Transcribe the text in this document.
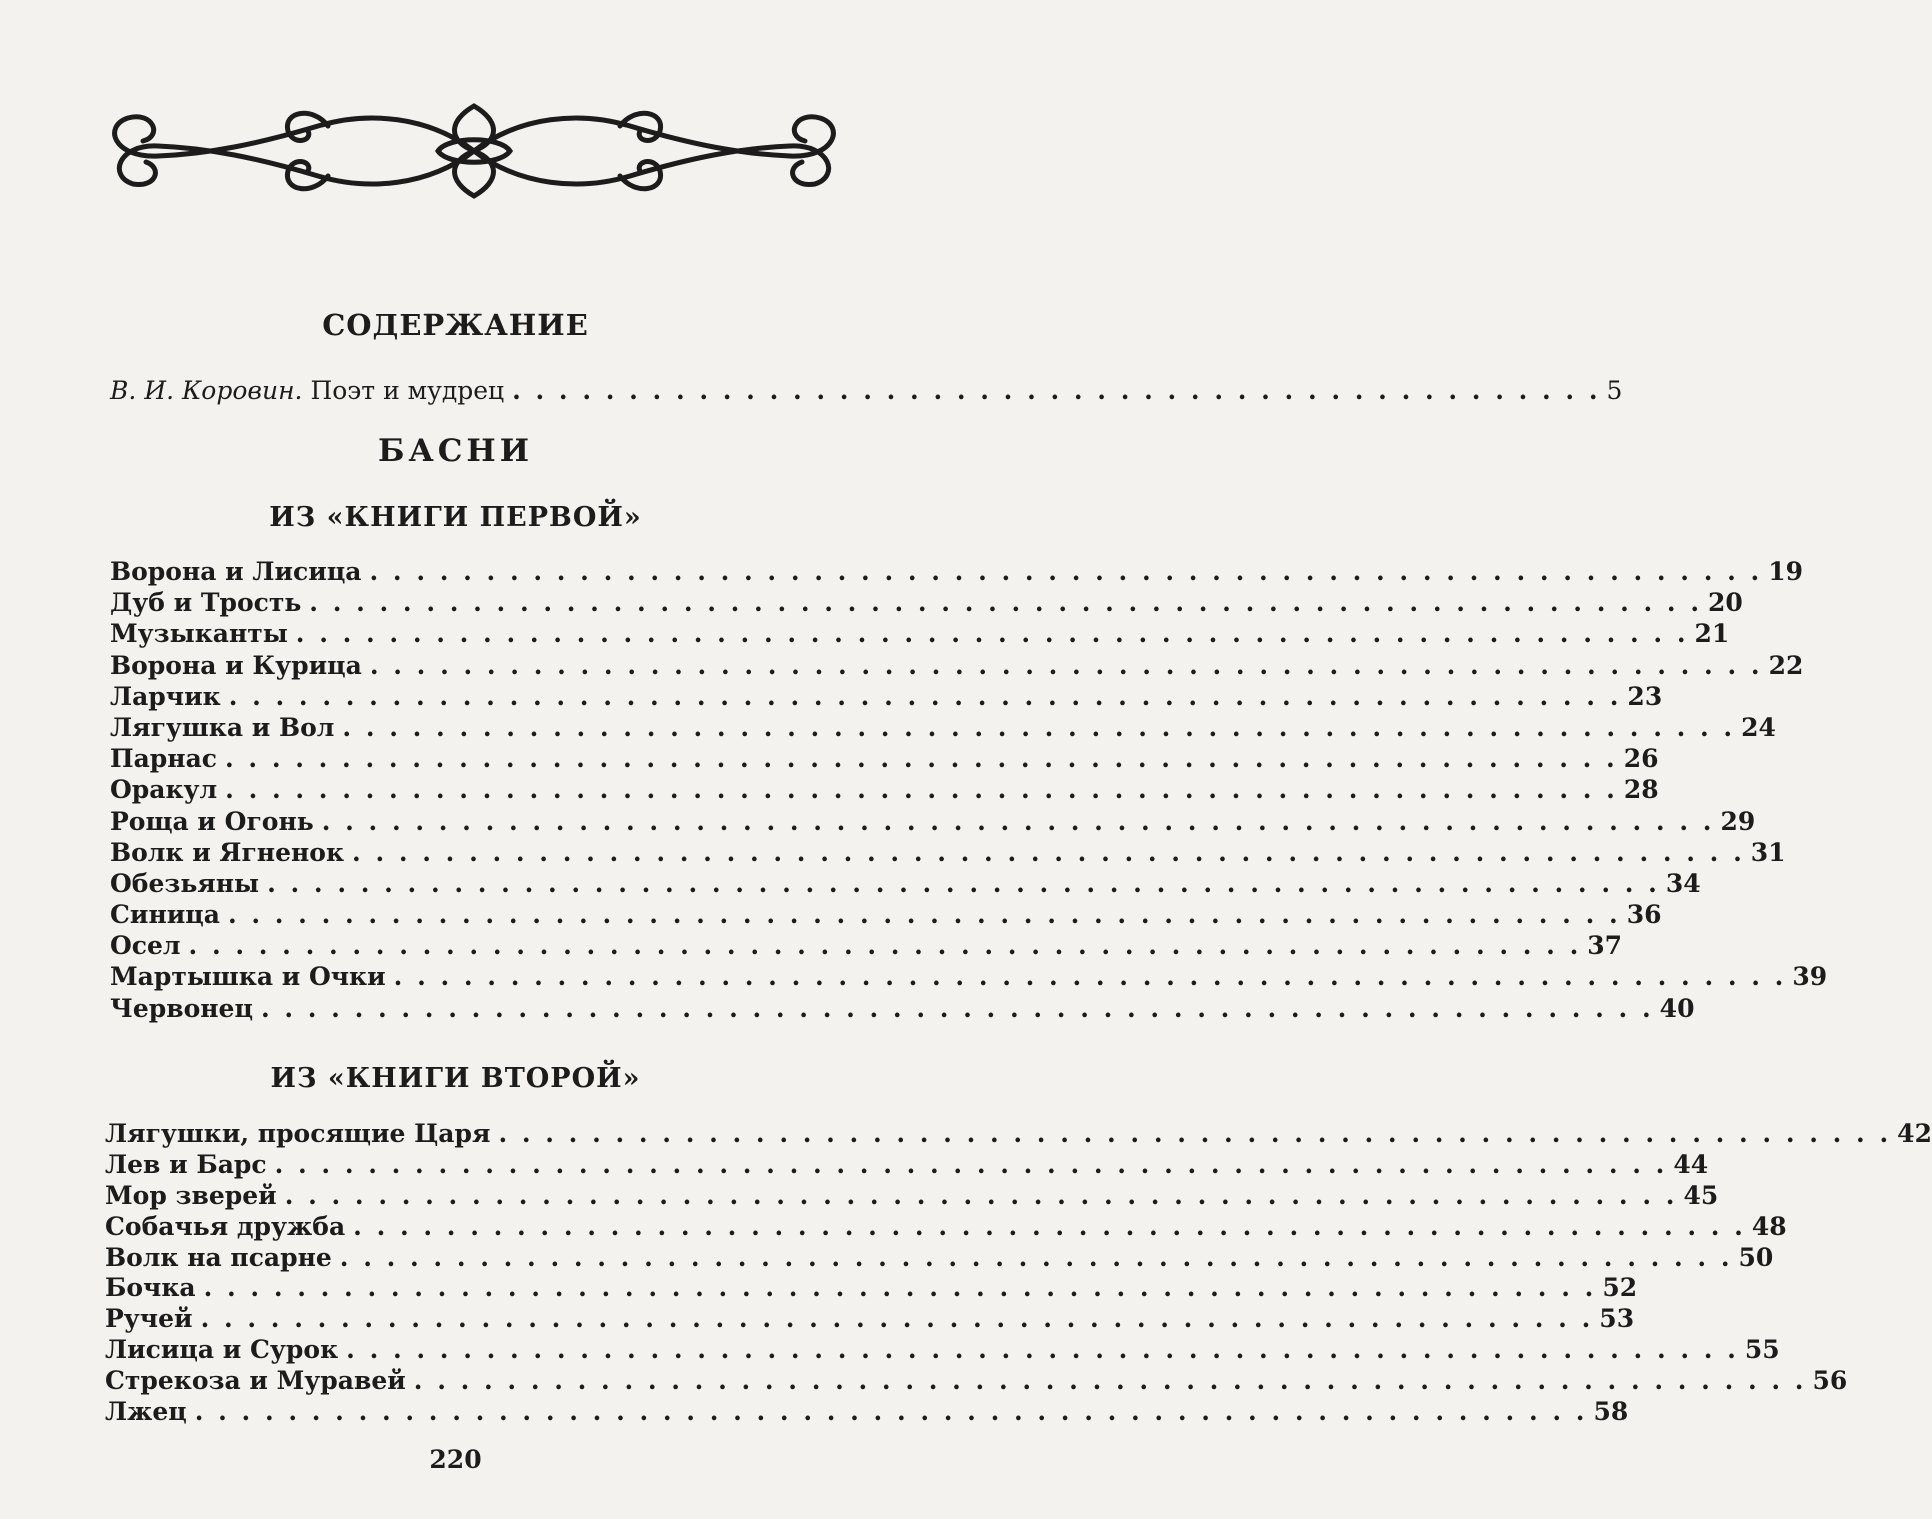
СОДЕРЖАНИЕ
В. И. Коровин. Поэт и мудрец . . . . . . . . . . . . . . . . . . . . . . . . . . . . . . . . . . . . . . . . . . . . . . . 5
БАСНИ
ИЗ «КНИГИ ПЕРВОЙ»
Ворона и Лисица . . . . . . . . . . . . . . . . . . . . . . . . . . . . . . . . . . . . . . . . . . . . . . . . . . . . . . . . . . . . 19
Дуб и Трость . . . . . . . . . . . . . . . . . . . . . . . . . . . . . . . . . . . . . . . . . . . . . . . . . . . . . . . . . . . . 20
Музыканты . . . . . . . . . . . . . . . . . . . . . . . . . . . . . . . . . . . . . . . . . . . . . . . . . . . . . . . . . . . . 21
Ворона и Курица . . . . . . . . . . . . . . . . . . . . . . . . . . . . . . . . . . . . . . . . . . . . . . . . . . . . . . . . . . . . 22
Ларчик . . . . . . . . . . . . . . . . . . . . . . . . . . . . . . . . . . . . . . . . . . . . . . . . . . . . . . . . . . . . 23
Лягушка и Вол . . . . . . . . . . . . . . . . . . . . . . . . . . . . . . . . . . . . . . . . . . . . . . . . . . . . . . . . . . . . 24
Парнас . . . . . . . . . . . . . . . . . . . . . . . . . . . . . . . . . . . . . . . . . . . . . . . . . . . . . . . . . . . . 26
Оракул . . . . . . . . . . . . . . . . . . . . . . . . . . . . . . . . . . . . . . . . . . . . . . . . . . . . . . . . . . . . 28
Роща и Огонь . . . . . . . . . . . . . . . . . . . . . . . . . . . . . . . . . . . . . . . . . . . . . . . . . . . . . . . . . . . . 29
Волк и Ягненок . . . . . . . . . . . . . . . . . . . . . . . . . . . . . . . . . . . . . . . . . . . . . . . . . . . . . . . . . . . . 31
Обезьяны . . . . . . . . . . . . . . . . . . . . . . . . . . . . . . . . . . . . . . . . . . . . . . . . . . . . . . . . . . . . 34
Синица . . . . . . . . . . . . . . . . . . . . . . . . . . . . . . . . . . . . . . . . . . . . . . . . . . . . . . . . . . . . 36
Осел . . . . . . . . . . . . . . . . . . . . . . . . . . . . . . . . . . . . . . . . . . . . . . . . . . . . . . . . . . . . 37
Мартышка и Очки . . . . . . . . . . . . . . . . . . . . . . . . . . . . . . . . . . . . . . . . . . . . . . . . . . . . . . . . . . . . 39
Червонец . . . . . . . . . . . . . . . . . . . . . . . . . . . . . . . . . . . . . . . . . . . . . . . . . . . . . . . . . . . . 40
ИЗ «КНИГИ ВТОРОЙ»
Лягушки, просящие Царя . . . . . . . . . . . . . . . . . . . . . . . . . . . . . . . . . . . . . . . . . . . . . . . . . . . . . . . . . . . . 42
Лев и Барс . . . . . . . . . . . . . . . . . . . . . . . . . . . . . . . . . . . . . . . . . . . . . . . . . . . . . . . . . . . . 44
Мор зверей . . . . . . . . . . . . . . . . . . . . . . . . . . . . . . . . . . . . . . . . . . . . . . . . . . . . . . . . . . . . 45
Собачья дружба . . . . . . . . . . . . . . . . . . . . . . . . . . . . . . . . . . . . . . . . . . . . . . . . . . . . . . . . . . . . 48
Волк на псарне . . . . . . . . . . . . . . . . . . . . . . . . . . . . . . . . . . . . . . . . . . . . . . . . . . . . . . . . . . . . 50
Бочка . . . . . . . . . . . . . . . . . . . . . . . . . . . . . . . . . . . . . . . . . . . . . . . . . . . . . . . . . . . . 52
Ручей . . . . . . . . . . . . . . . . . . . . . . . . . . . . . . . . . . . . . . . . . . . . . . . . . . . . . . . . . . . . 53
Лисица и Сурок . . . . . . . . . . . . . . . . . . . . . . . . . . . . . . . . . . . . . . . . . . . . . . . . . . . . . . . . . . . . 55
Стрекоза и Муравей . . . . . . . . . . . . . . . . . . . . . . . . . . . . . . . . . . . . . . . . . . . . . . . . . . . . . . . . . . . . 56
Лжец . . . . . . . . . . . . . . . . . . . . . . . . . . . . . . . . . . . . . . . . . . . . . . . . . . . . . . . . . . . . 58
220
